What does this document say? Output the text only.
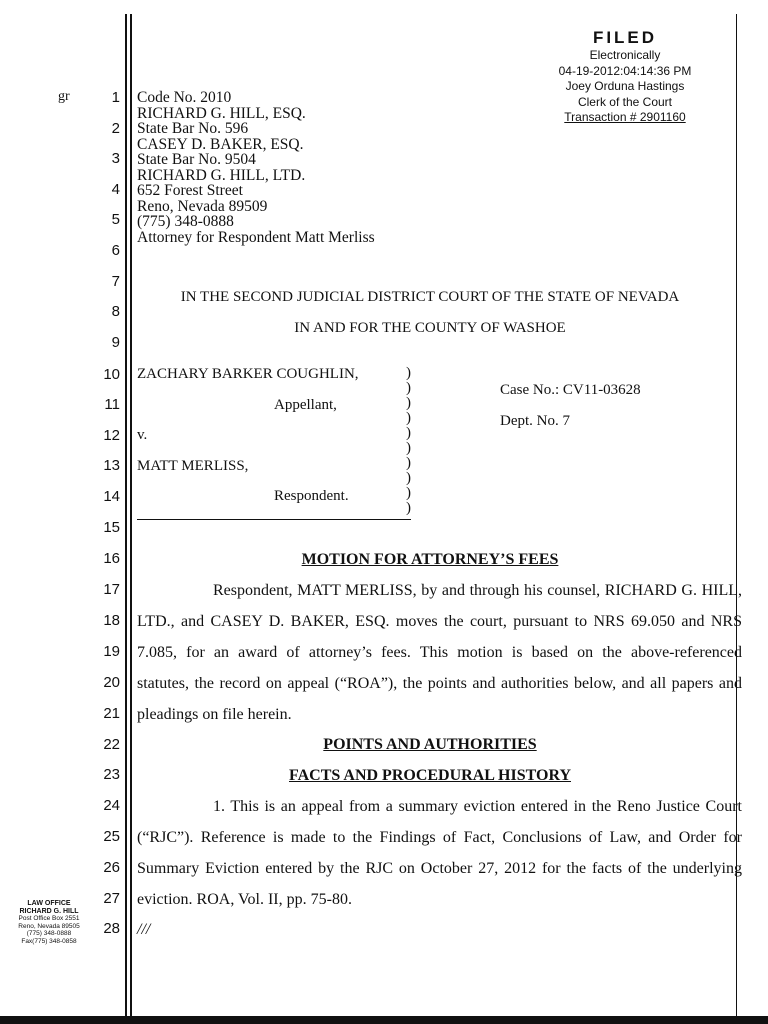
FILED
Electronically
04-19-2012:04:14:36 PM
Joey Orduna Hastings
Clerk of the Court
Transaction # 2901160
gr	1
2
3
4
5
6
7
8
9
10
11
12
13
14
15
16
17
18
19
20
21
22
23
24
25
26
27
28
Code No. 2010
RICHARD G. HILL, ESQ.
State Bar No. 596
CASEY D. BAKER, ESQ.
State Bar No. 9504
RICHARD G. HILL, LTD.
652 Forest Street
Reno, Nevada 89509
(775) 348-0888
Attorney for Respondent Matt Merliss
IN THE SECOND JUDICIAL DISTRICT COURT OF THE STATE OF NEVADA
IN AND FOR THE COUNTY OF WASHOE
ZACHARY BARKER COUGHLIN,
Appellant,
v.
MATT MERLISS,
Respondent.
Case No.: CV11-03628
Dept. No. 7
)
)
)
)
)
)
)
)
)
)
MOTION FOR ATTORNEY’S FEES
Respondent, MATT MERLISS, by and through his counsel, RICHARD G. HILL,
LTD., and CASEY D. BAKER, ESQ. moves the court, pursuant to NRS 69.050 and NRS
7.085, for an award of attorney’s fees. This motion is based on the above-referenced
statutes, the record on appeal (“ROA”), the points and authorities below, and all papers and
pleadings on file herein.
POINTS AND AUTHORITIES
FACTS AND PROCEDURAL HISTORY
1. This is an appeal from a summary eviction entered in the Reno Justice Court
(“RJC”). Reference is made to the Findings of Fact, Conclusions of Law, and Order for
Summary Eviction entered by the RJC on October 27, 2012 for the facts of the underlying
eviction. ROA, Vol. II, pp. 75-80.
///
LAW OFFICE
RICHARD G. HILL
Post Office Box 2551
Reno, Nevada 89505
(775) 348-0888
Fax(775) 348-0858
